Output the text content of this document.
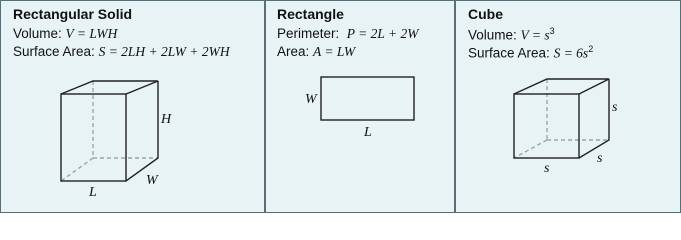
Rectangular Solid
Volume: V = LWH
Surface Area: S = 2LH + 2LW + 2WH
H
L
W
Rectangle
Perimeter:  P = 2L + 2W
Area: A = LW
W
L
Cube
Volume: $V = s^3$
Surface Area: $S = 6s^2$
s
s
s
